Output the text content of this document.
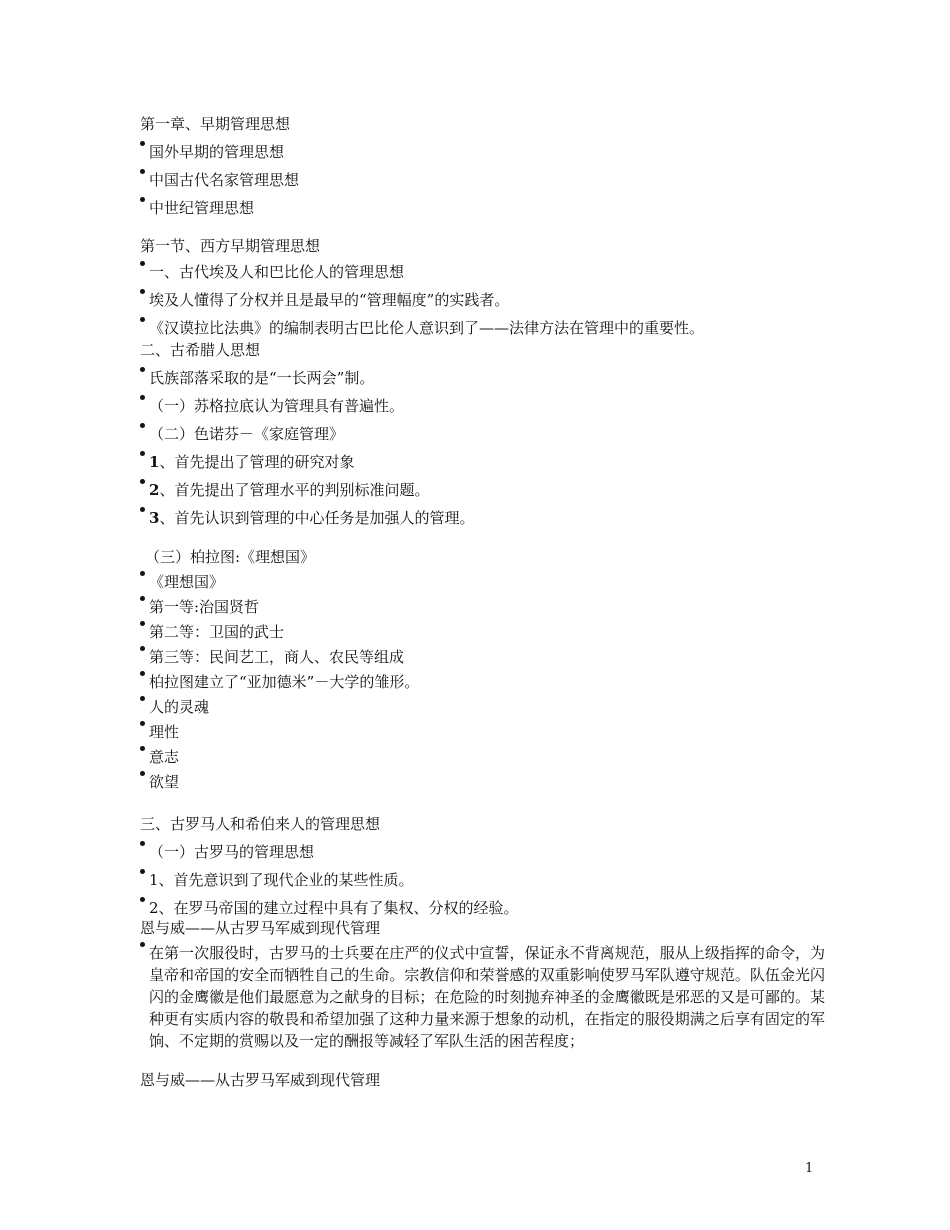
第一章、早期管理思想

国外早期的管理思想

中国古代名家管理思想

中世纪管理思想

第一节、西方早期管理思想

一、古代埃及人和巴比伦人的管理思想

埃及人懂得了分权并且是最早的“管理幅度”的实践者。

《汉谟拉比法典》的编制表明古巴比伦人意识到了——法律方法在管理中的重要性。

二、古希腊人思想

氏族部落采取的是“一长两会”制。

（一）苏格拉底认为管理具有普遍性。

（二）色诺芬－《家庭管理》

1、首先提出了管理的研究对象

2、首先提出了管理水平的判别标准问题。

3、首先认识到管理的中心任务是加强人的管理。

（三）柏拉图:《理想国》

《理想国》

第一等:治国贤哲

第二等：卫国的武士

第三等：民间艺工，商人、农民等组成

柏拉图建立了“亚加德米”－大学的雏形。

人的灵魂

理性

意志

欲望

三、古罗马人和希伯来人的管理思想

（一）古罗马的管理思想

1、首先意识到了现代企业的某些性质。

2、在罗马帝国的建立过程中具有了集权、分权的经验。

恩与威——从古罗马军威到现代管理

在第一次服役时，古罗马的士兵要在庄严的仪式中宣誓，保证永不背离规范，服从上级指挥的命令，为皇帝和帝国的安全而牺牲自己的生命。宗教信仰和荣誉感的双重影响使罗马军队遵守规范。队伍金光闪闪的金鹰徽是他们最愿意为之献身的目标；在危险的时刻抛弃神圣的金鹰徽既是邪恶的又是可鄙的。某种更有实质内容的敬畏和希望加强了这种力量来源于想象的动机，在指定的服役期满之后享有固定的军饷、不定期的赏赐以及一定的酬报等减轻了军队生活的困苦程度；

恩与威——从古罗马军威到现代管理

1
